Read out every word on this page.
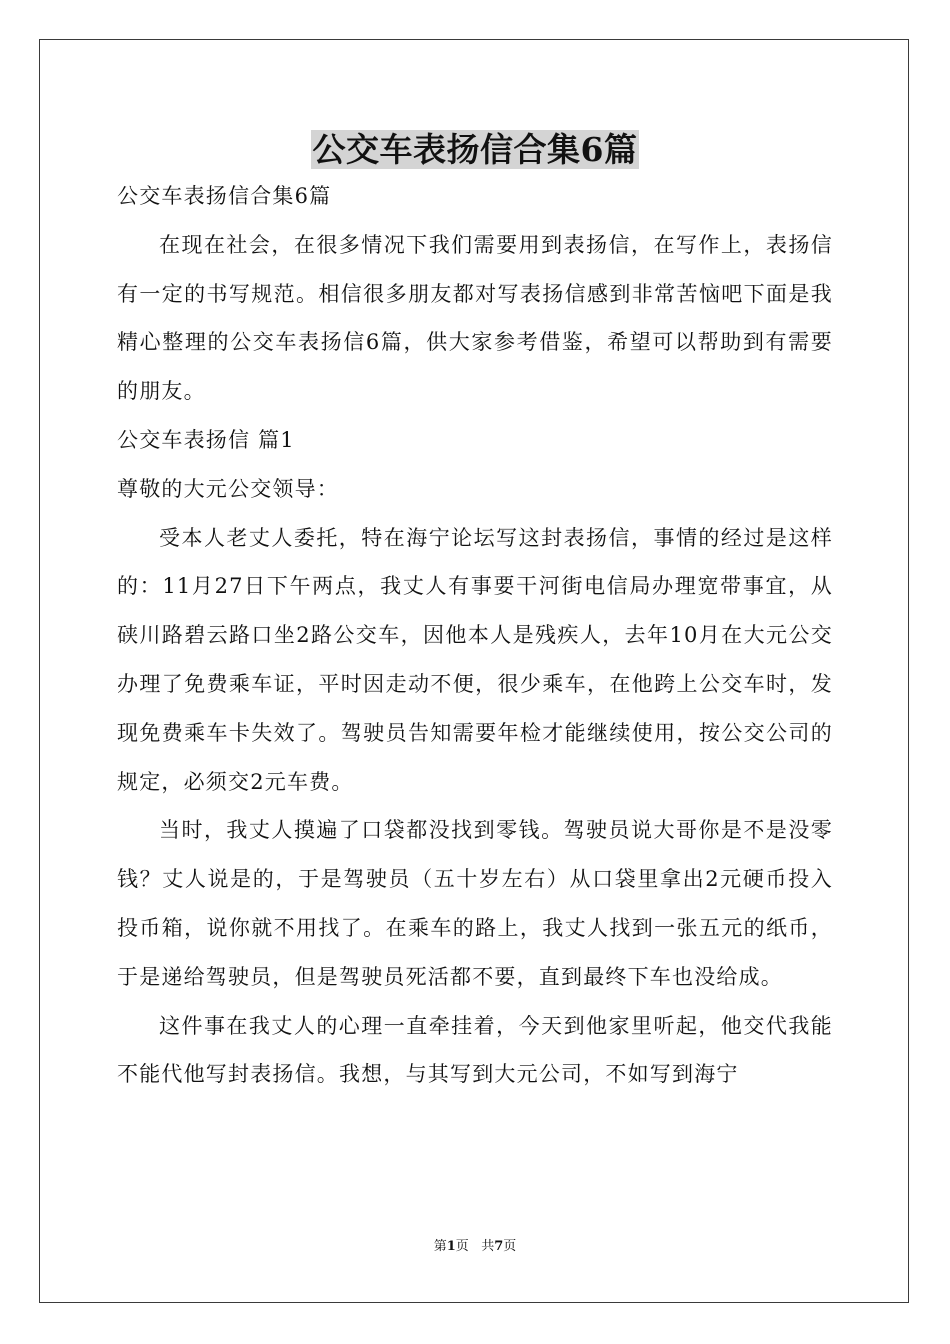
公交车表扬信合集6篇

公交车表扬信合集6篇

在现在社会，在很多情况下我们需要用到表扬信，在写作上，表扬信有一定的书写规范。相信很多朋友都对写表扬信感到非常苦恼吧下面是我精心整理的公交车表扬信6篇，供大家参考借鉴，希望可以帮助到有需要的朋友。

公交车表扬信 篇1

尊敬的大元公交领导：

受本人老丈人委托，特在海宁论坛写这封表扬信，事情的经过是这样的：11月27日下午两点，我丈人有事要干河街电信局办理宽带事宜，从硖川路碧云路口坐2路公交车，因他本人是残疾人，去年10月在大元公交办理了免费乘车证，平时因走动不便，很少乘车，在他跨上公交车时，发现免费乘车卡失效了。驾驶员告知需要年检才能继续使用，按公交公司的规定，必须交2元车费。

当时，我丈人摸遍了口袋都没找到零钱。驾驶员说大哥你是不是没零钱？丈人说是的，于是驾驶员（五十岁左右）从口袋里拿出2元硬币投入投币箱，说你就不用找了。在乘车的路上，我丈人找到一张五元的纸币，于是递给驾驶员，但是驾驶员死活都不要，直到最终下车也没给成。

这件事在我丈人的心理一直牵挂着，今天到他家里听起，他交代我能不能代他写封表扬信。我想，与其写到大元公司，不如写到海宁

第1页 共7页
